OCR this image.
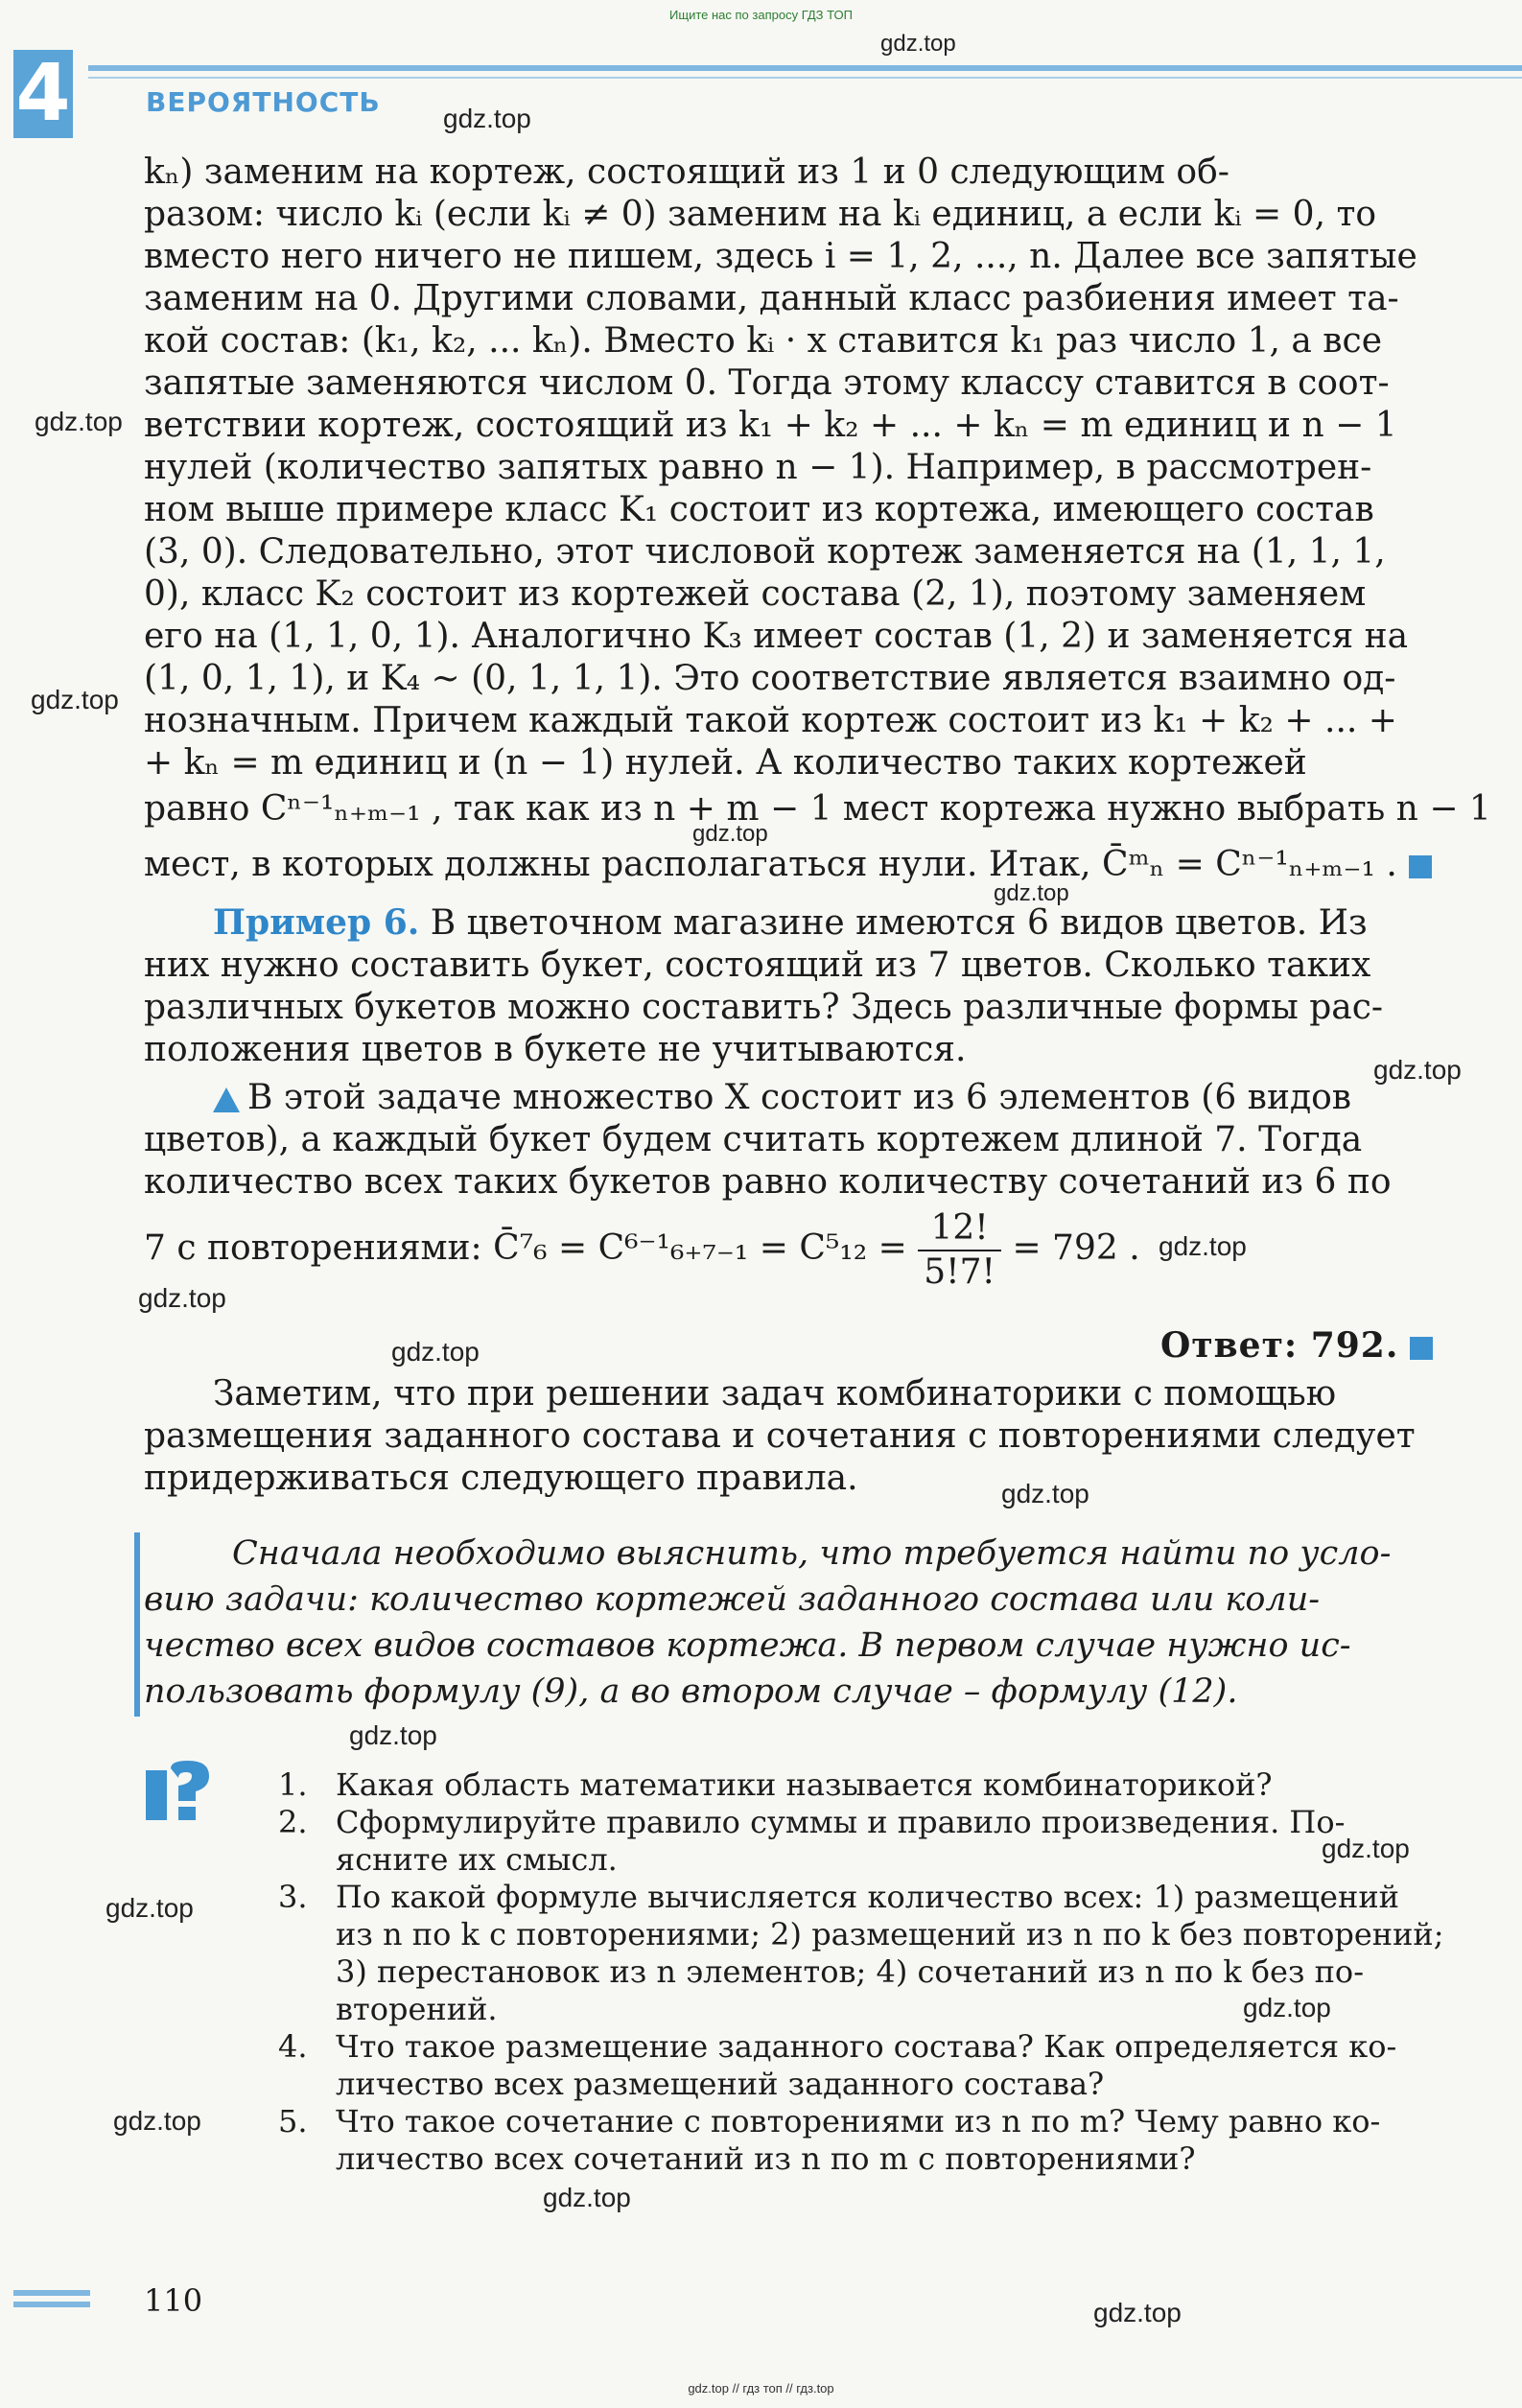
Ищите нас по запросу ГДЗ ТОП
4	ВЕРОЯТНОСТЬ
gdz.top
gdz.top
gdz.top
gdz.top
gdz.top
gdz.top
gdz.top
gdz.top
gdz.top
gdz.top
gdz.top
gdz.top
gdz.top
gdz.top
gdz.top
gdz.top
gdz.top
gdz.top
kₙ) заменим на кортеж, состоящий из 1 и 0 следующим об-
разом: число kᵢ (если kᵢ ≠ 0) заменим на kᵢ единиц, а если kᵢ = 0, то
вместо него ничего не пишем, здесь i = 1, 2, ..., n. Далее все запятые
заменим на 0. Другими словами, данный класс разбиения имеет та-
кой состав: (k₁, k₂, ... kₙ). Вместо kᵢ · x ставится k₁ раз число 1, а все
запятые заменяются числом 0. Тогда этому классу ставится в соот-
ветствии кортеж, состоящий из k₁ + k₂ + ... + kₙ = m единиц и n − 1
нулей (количество запятых равно n − 1). Например, в рассмотрен-
ном выше примере класс K₁ состоит из кортежа, имеющего состав
(3, 0). Следовательно, этот числовой кортеж заменяется на (1, 1, 1,
0), класс K₂ состоит из кортежей состава (2, 1), поэтому заменяем
его на (1, 1, 0, 1). Аналогично K₃ имеет состав (1, 2) и заменяется на
(1, 0, 1, 1), и K₄ ~ (0, 1, 1, 1). Это соответствие является взаимно од-
нозначным. Причем каждый такой кортеж состоит из k₁ + k₂ + ... +
+ kₙ = m единиц и (n − 1) нулей. А количество таких кортежей
равно Cⁿ⁻¹ₙ₊ₘ₋₁ , так как из n + m − 1 мест кортежа нужно выбрать n − 1
мест, в которых должны располагаться нули. Итак, C̄ᵐₙ = Cⁿ⁻¹ₙ₊ₘ₋₁ .
Пример 6. В цветочном магазине имеются 6 видов цветов. Из
них нужно составить букет, состоящий из 7 цветов. Сколько таких
различных букетов можно составить? Здесь различные формы рас-
положения цветов в букете не учитываются.
В этой задаче множество X состоит из 6 элементов (6 видов
цветов), а каждый букет будем считать кортежем длиной 7. Тогда
количество всех таких букетов равно количеству сочетаний из 6 по
7 с повторениями: C̄⁷₆ = $C^{6-1}_{6+7-1} = C^5_{12} = \frac{12!}{5!7!} = 792$ .
Ответ: 792.
Заметим, что при решении задач комбинаторики с помощью
размещения заданного состава и сочетания с повторениями следует
придерживаться следующего правила.
Сначала необходимо выяснить, что требуется найти по усло-
вию задачи: количество кортежей заданного состава или коли-
чество всех видов составов кортежа. В первом случае нужно ис-
пользовать формулу (9), а во втором случае – формулу (12).
1. Какая область математики называется комбинаторикой?
2. Сформулируйте правило суммы и правило произведения. По-
ясните их смысл.
3. По какой формуле вычисляется количество всех: 1) размещений
из n по k с повторениями; 2) размещений из n по k без повторений;
3) перестановок из n элементов; 4) сочетаний из n по k без по-
вторений.
4. Что такое размещение заданного состава? Как определяется ко-
личество всех размещений заданного состава?
5. Что такое сочетание с повторениями из n по m? Чему равно ко-
личество всех сочетаний из n по m с повторениями?
110
gdz.top // гдз топ // гдз.top
